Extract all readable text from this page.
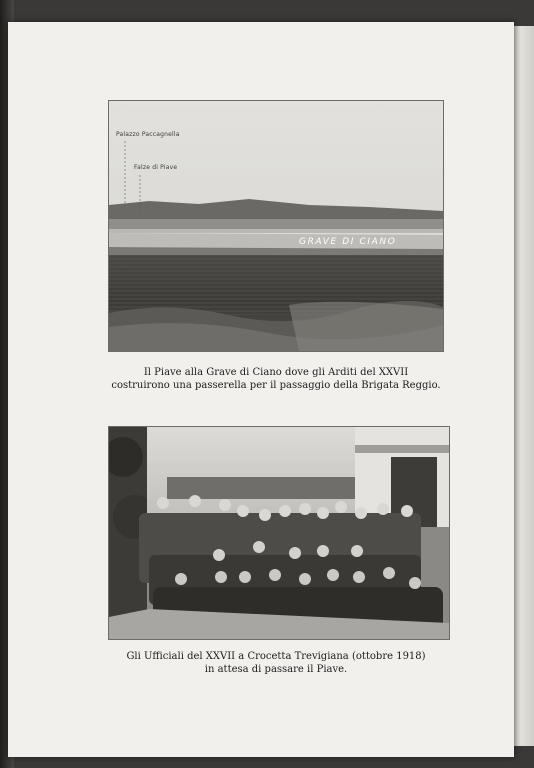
Palazzo Paccagnella
Falze di Piave
GRAVE DI CIANO
Il Piave alla Grave di Ciano dove gli Arditi del XXVII
costruirono una passerella per il passaggio della Brigata Reggio.
Gli Ufficiali del XXVII a Crocetta Trevigiana (ottobre 1918)
in attesa di passare il Piave.
